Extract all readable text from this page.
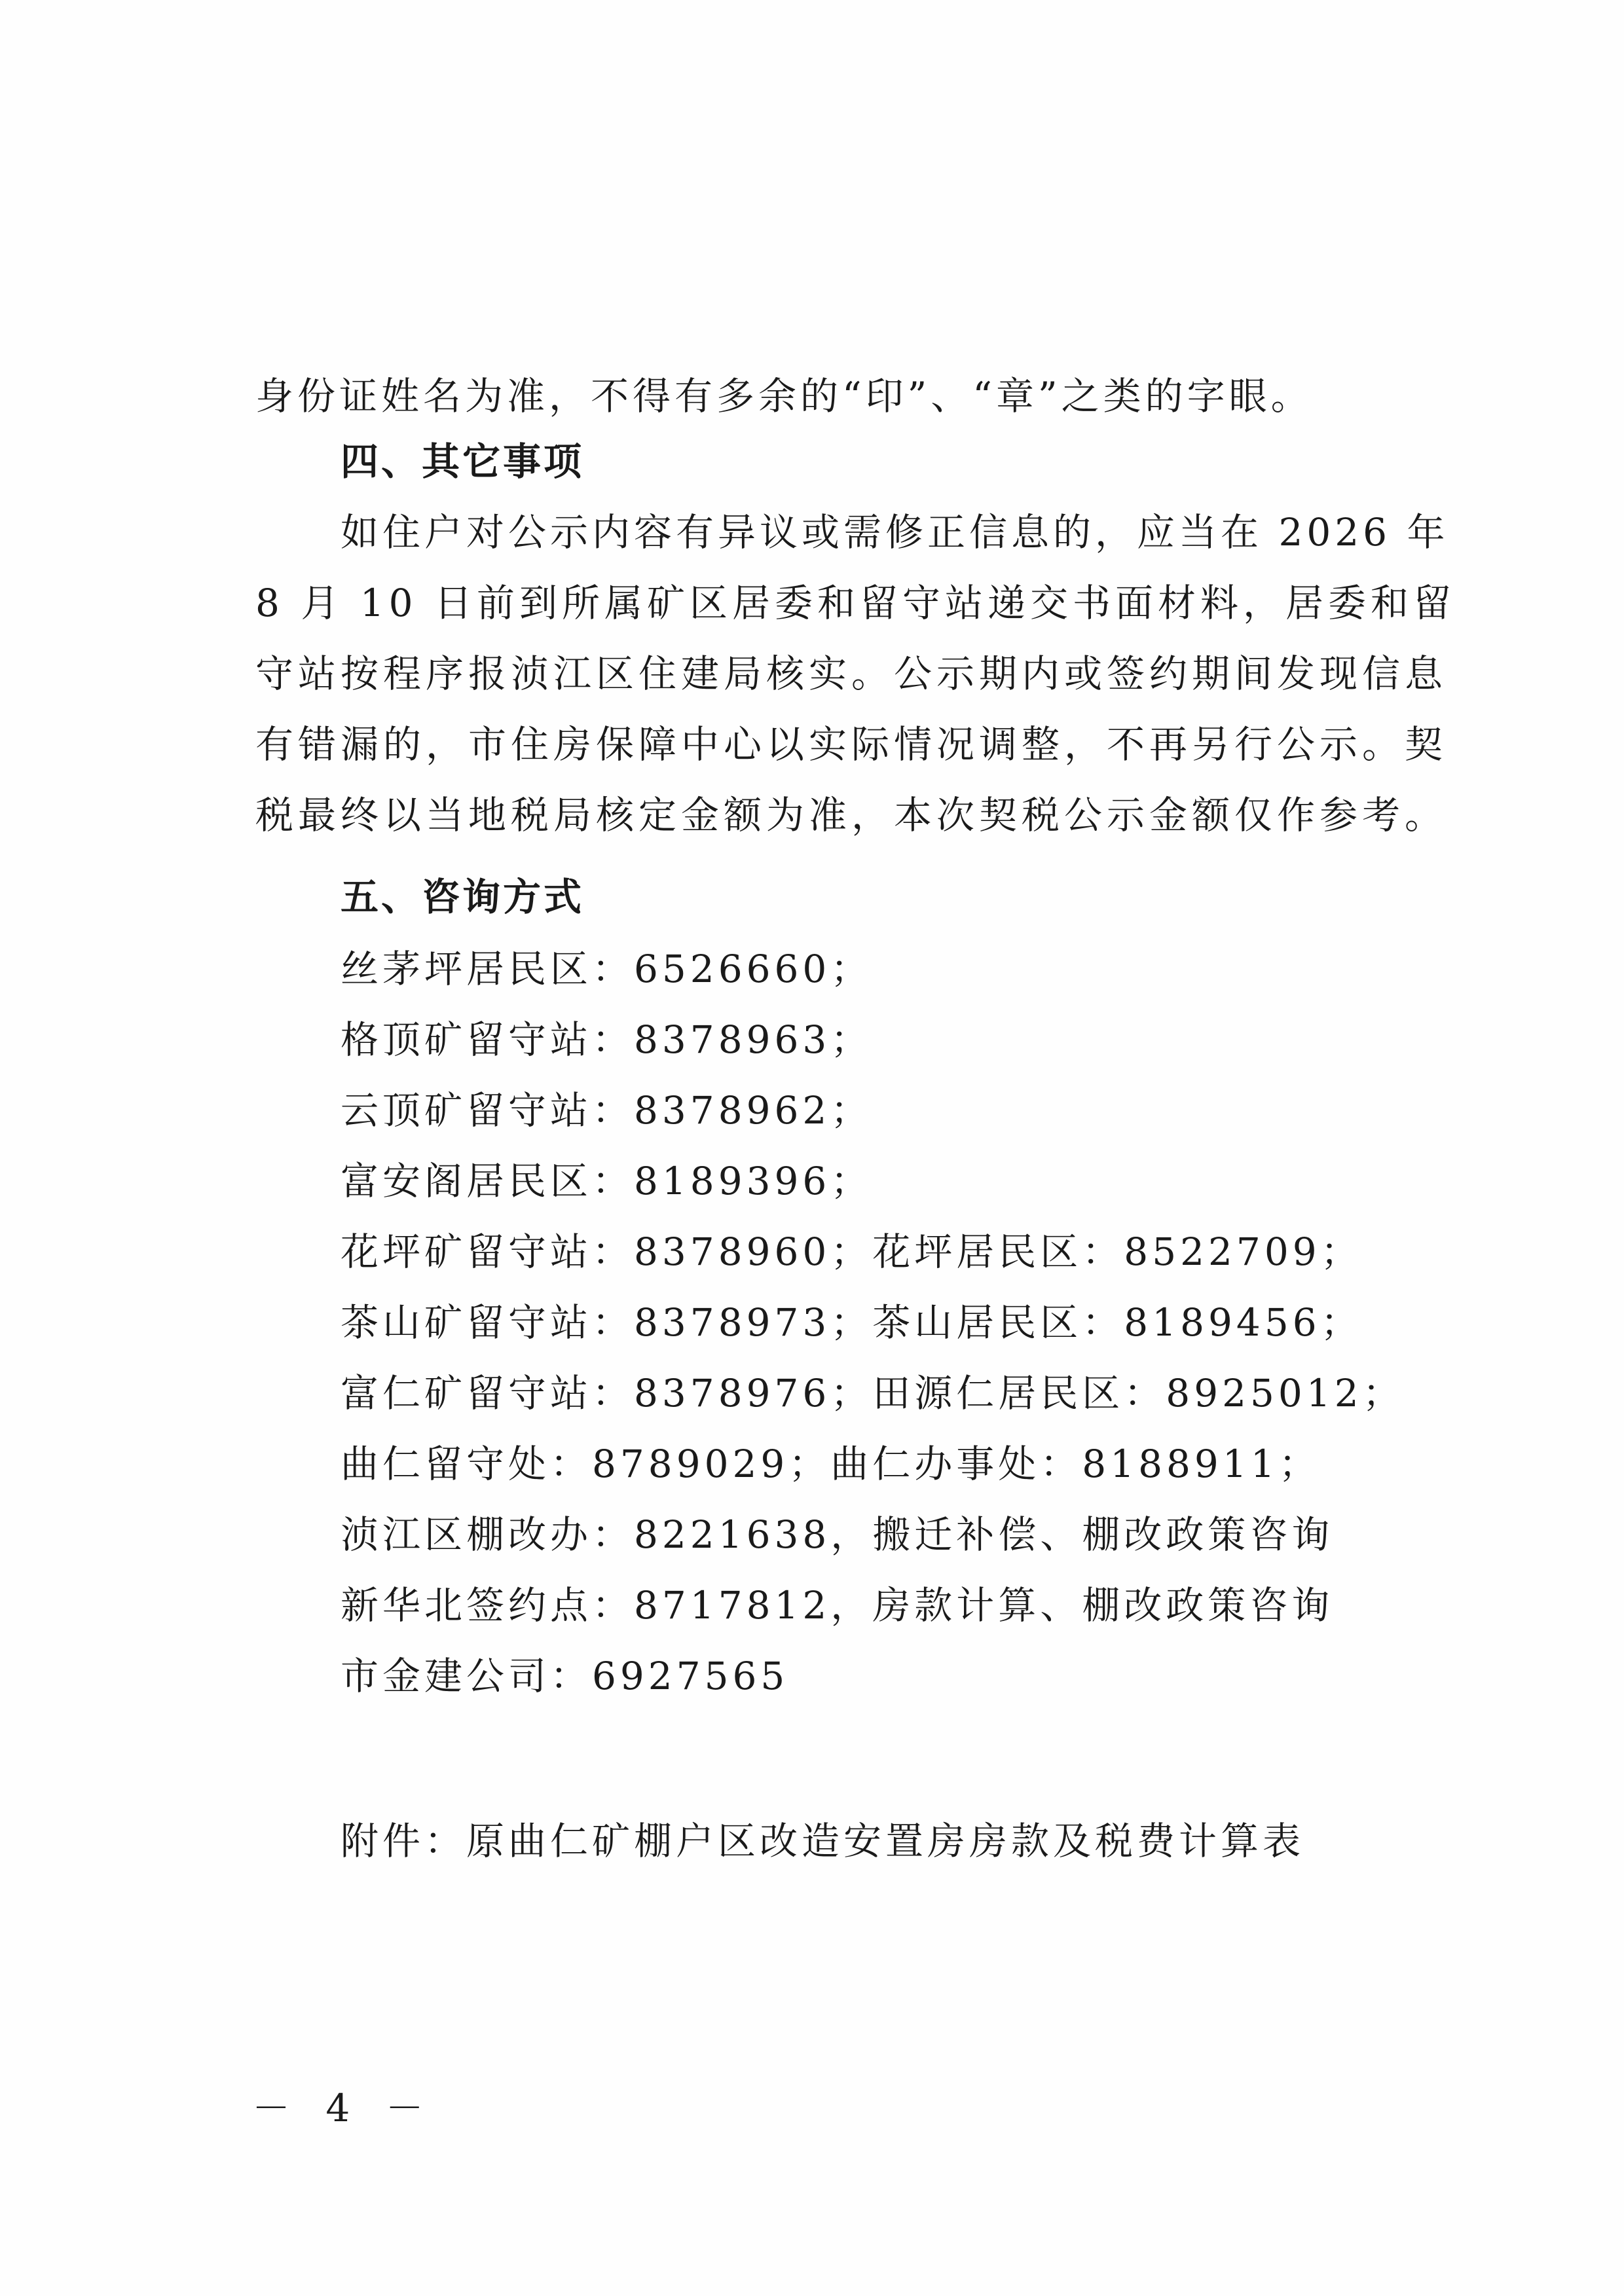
身份证姓名为准，不得有多余的“印”、“章”之类的字眼。
四、其它事项
如住户对公示内容有异议或需修正信息的，应当在 2026 年
8 月 10 日前到所属矿区居委和留守站递交书面材料，居委和留
守站按程序报浈江区住建局核实。公示期内或签约期间发现信息
有错漏的，市住房保障中心以实际情况调整，不再另行公示。契
税最终以当地税局核定金额为准，本次契税公示金额仅作参考。
五、咨询方式
丝茅坪居民区：6526660；
格顶矿留守站：8378963；
云顶矿留守站：8378962；
富安阁居民区：8189396；
花坪矿留守站：8378960；花坪居民区：8522709；
茶山矿留守站：8378973；茶山居民区：8189456；
富仁矿留守站：8378976；田源仁居民区：8925012；
曲仁留守处：8789029；曲仁办事处：8188911；
浈江区棚改办：8221638，搬迁补偿、棚改政策咨询
新华北签约点：8717812，房款计算、棚改政策咨询
市金建公司：6927565
附件：原曲仁矿棚户区改造安置房房款及税费计算表
－ 4 －
